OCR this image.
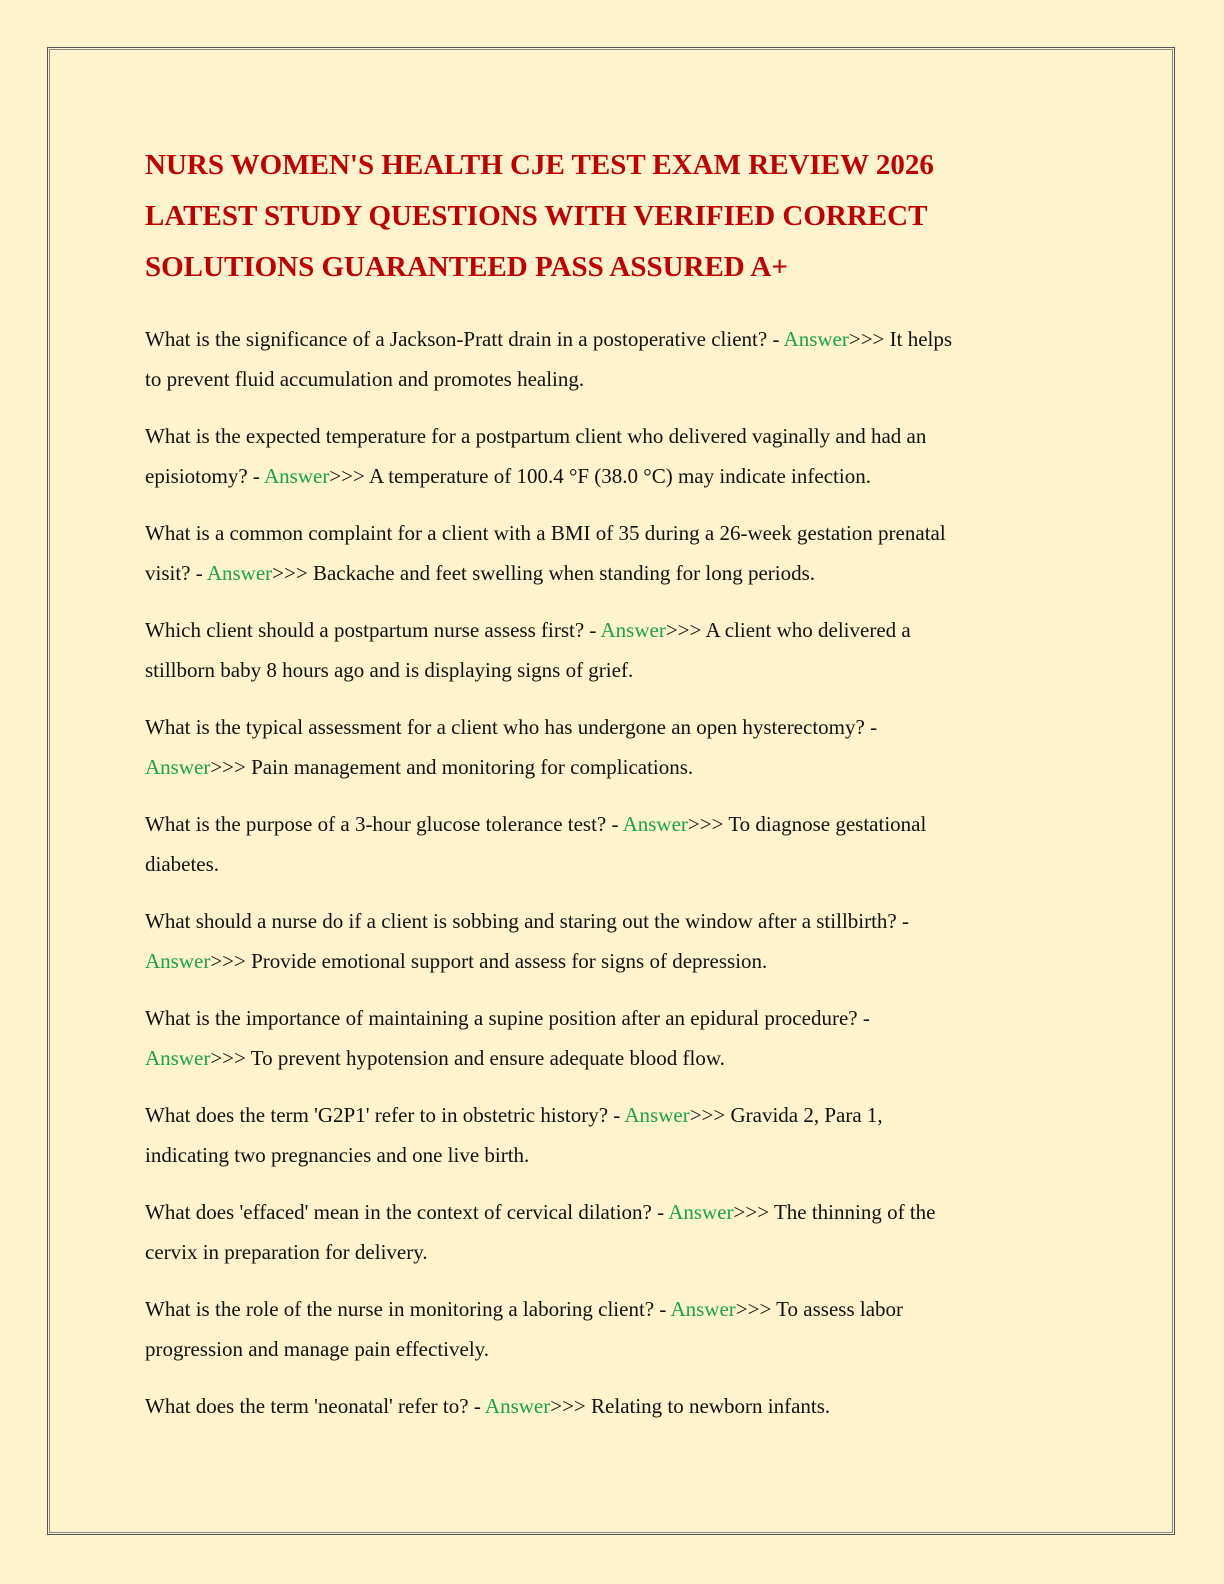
NURS WOMEN'S HEALTH CJE TEST EXAM REVIEW 2026
LATEST STUDY QUESTIONS WITH VERIFIED CORRECT
SOLUTIONS GUARANTEED PASS ASSURED A+

What is the significance of a Jackson-Pratt drain in a postoperative client? - Answer>>> It helps
to prevent fluid accumulation and promotes healing.

What is the expected temperature for a postpartum client who delivered vaginally and had an
episiotomy? - Answer>>> A temperature of 100.4 °F (38.0 °C) may indicate infection.

What is a common complaint for a client with a BMI of 35 during a 26-week gestation prenatal
visit? - Answer>>> Backache and feet swelling when standing for long periods.

Which client should a postpartum nurse assess first? - Answer>>> A client who delivered a
stillborn baby 8 hours ago and is displaying signs of grief.

What is the typical assessment for a client who has undergone an open hysterectomy? -
Answer>>> Pain management and monitoring for complications.

What is the purpose of a 3-hour glucose tolerance test? - Answer>>> To diagnose gestational
diabetes.

What should a nurse do if a client is sobbing and staring out the window after a stillbirth? -
Answer>>> Provide emotional support and assess for signs of depression.

What is the importance of maintaining a supine position after an epidural procedure? -
Answer>>> To prevent hypotension and ensure adequate blood flow.

What does the term 'G2P1' refer to in obstetric history? - Answer>>> Gravida 2, Para 1,
indicating two pregnancies and one live birth.

What does 'effaced' mean in the context of cervical dilation? - Answer>>> The thinning of the
cervix in preparation for delivery.

What is the role of the nurse in monitoring a laboring client? - Answer>>> To assess labor
progression and manage pain effectively.

What does the term 'neonatal' refer to? - Answer>>> Relating to newborn infants.
